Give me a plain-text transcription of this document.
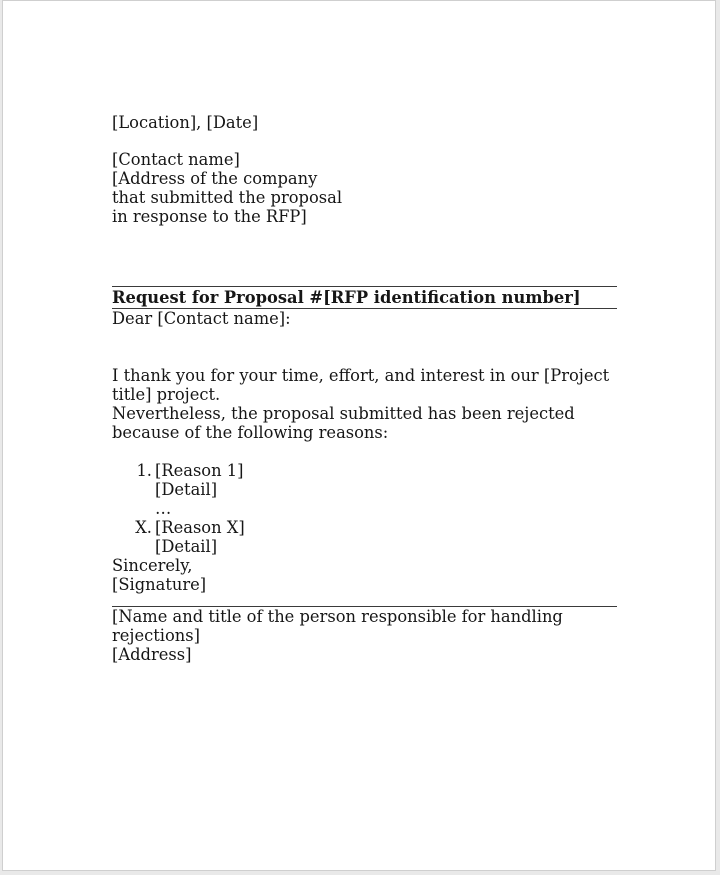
[Location], [Date]

[Contact name]

[Address of the company

that submitted the proposal

in response to the RFP]

Request for Proposal #[RFP identification number]

Dear [Contact name]:

I thank you for your time, effort, and interest in our [Project

title] project.

Nevertheless, the proposal submitted has been rejected

because of the following reasons:

1. [Reason 1]

[Detail]

…

X. [Reason X]

[Detail]

Sincerely,

[Signature]

[Name and title of the person responsible for handling

rejections]

[Address]
